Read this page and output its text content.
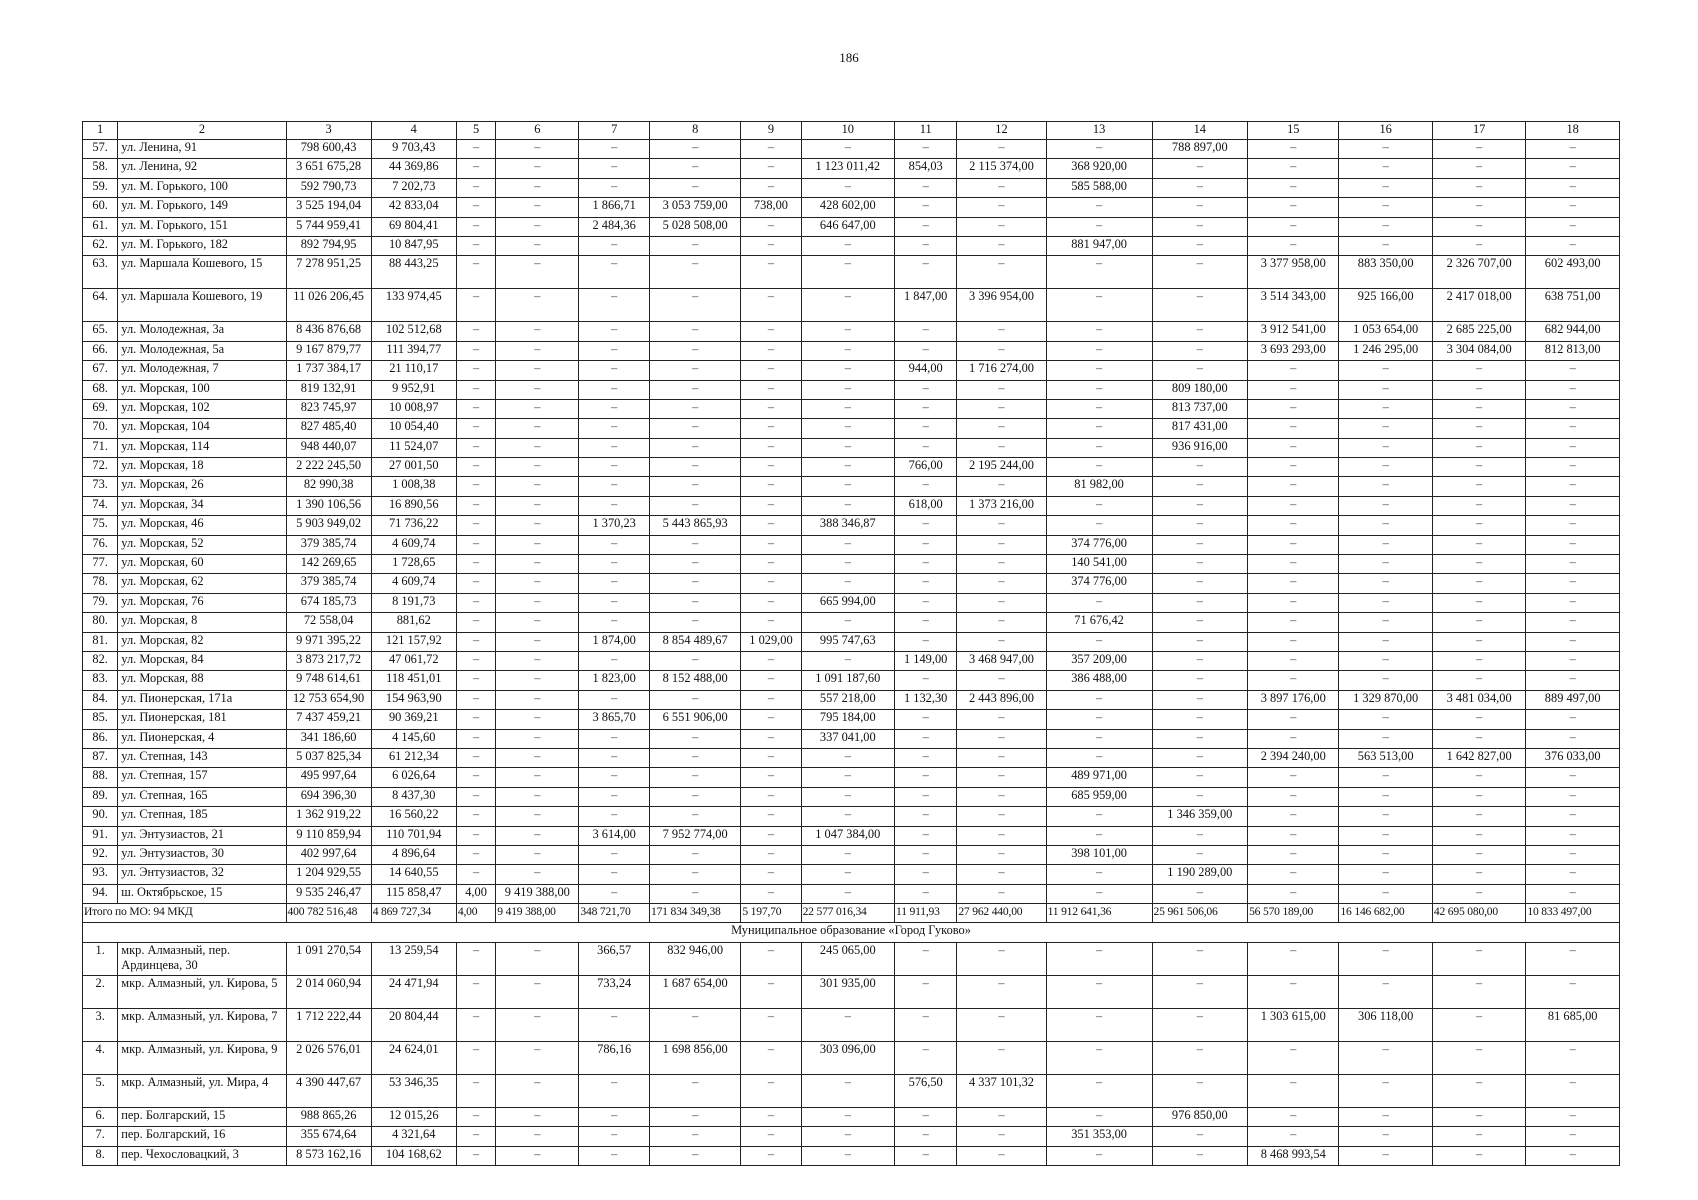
186
1	2	3	4	5	6	7	8	9	10	11	12	13	14	15	16	17	18
57.	ул. Ленина, 91	798 600,43	9 703,43	–	–	–	–	–	–	–	–	–	788 897,00	–	–	–	–
58.	ул. Ленина, 92	3 651 675,28	44 369,86	–	–	–	–	–	1 123 011,42	854,03	2 115 374,00	368 920,00	–	–	–	–	–
59.	ул. М. Горького, 100	592 790,73	7 202,73	–	–	–	–	–	–	–	–	585 588,00	–	–	–	–	–
60.	ул. М. Горького, 149	3 525 194,04	42 833,04	–	–	1 866,71	3 053 759,00	738,00	428 602,00	–	–	–	–	–	–	–	–
61.	ул. М. Горького, 151	5 744 959,41	69 804,41	–	–	2 484,36	5 028 508,00	–	646 647,00	–	–	–	–	–	–	–	–
62.	ул. М. Горького, 182	892 794,95	10 847,95	–	–	–	–	–	–	–	–	881 947,00	–	–	–	–	–
63.	ул. Маршала Кошевого, 15	7 278 951,25	88 443,25	–	–	–	–	–	–	–	–	–	–	3 377 958,00	883 350,00	2 326 707,00	602 493,00
64.	ул. Маршала Кошевого, 19	11 026 206,45	133 974,45	–	–	–	–	–	–	1 847,00	3 396 954,00	–	–	3 514 343,00	925 166,00	2 417 018,00	638 751,00
65.	ул. Молодежная, 3а	8 436 876,68	102 512,68	–	–	–	–	–	–	–	–	–	–	3 912 541,00	1 053 654,00	2 685 225,00	682 944,00
66.	ул. Молодежная, 5а	9 167 879,77	111 394,77	–	–	–	–	–	–	–	–	–	–	3 693 293,00	1 246 295,00	3 304 084,00	812 813,00
67.	ул. Молодежная, 7	1 737 384,17	21 110,17	–	–	–	–	–	–	944,00	1 716 274,00	–	–	–	–	–	–
68.	ул. Морская, 100	819 132,91	9 952,91	–	–	–	–	–	–	–	–	–	809 180,00	–	–	–	–
69.	ул. Морская, 102	823 745,97	10 008,97	–	–	–	–	–	–	–	–	–	813 737,00	–	–	–	–
70.	ул. Морская, 104	827 485,40	10 054,40	–	–	–	–	–	–	–	–	–	817 431,00	–	–	–	–
71.	ул. Морская, 114	948 440,07	11 524,07	–	–	–	–	–	–	–	–	–	936 916,00	–	–	–	–
72.	ул. Морская, 18	2 222 245,50	27 001,50	–	–	–	–	–	–	766,00	2 195 244,00	–	–	–	–	–	–
73.	ул. Морская, 26	82 990,38	1 008,38	–	–	–	–	–	–	–	–	81 982,00	–	–	–	–	–
74.	ул. Морская, 34	1 390 106,56	16 890,56	–	–	–	–	–	–	618,00	1 373 216,00	–	–	–	–	–	–
75.	ул. Морская, 46	5 903 949,02	71 736,22	–	–	1 370,23	5 443 865,93	–	388 346,87	–	–	–	–	–	–	–	–
76.	ул. Морская, 52	379 385,74	4 609,74	–	–	–	–	–	–	–	–	374 776,00	–	–	–	–	–
77.	ул. Морская, 60	142 269,65	1 728,65	–	–	–	–	–	–	–	–	140 541,00	–	–	–	–	–
78.	ул. Морская, 62	379 385,74	4 609,74	–	–	–	–	–	–	–	–	374 776,00	–	–	–	–	–
79.	ул. Морская, 76	674 185,73	8 191,73	–	–	–	–	–	665 994,00	–	–	–	–	–	–	–	–
80.	ул. Морская, 8	72 558,04	881,62	–	–	–	–	–	–	–	–	71 676,42	–	–	–	–	–
81.	ул. Морская, 82	9 971 395,22	121 157,92	–	–	1 874,00	8 854 489,67	1 029,00	995 747,63	–	–	–	–	–	–	–	–
82.	ул. Морская, 84	3 873 217,72	47 061,72	–	–	–	–	–	–	1 149,00	3 468 947,00	357 209,00	–	–	–	–	–
83.	ул. Морская, 88	9 748 614,61	118 451,01	–	–	1 823,00	8 152 488,00	–	1 091 187,60	–	–	386 488,00	–	–	–	–	–
84.	ул. Пионерская, 171а	12 753 654,90	154 963,90	–	–	–	–	–	557 218,00	1 132,30	2 443 896,00	–	–	3 897 176,00	1 329 870,00	3 481 034,00	889 497,00
85.	ул. Пионерская, 181	7 437 459,21	90 369,21	–	–	3 865,70	6 551 906,00	–	795 184,00	–	–	–	–	–	–	–	–
86.	ул. Пионерская, 4	341 186,60	4 145,60	–	–	–	–	–	337 041,00	–	–	–	–	–	–	–	–
87.	ул. Степная, 143	5 037 825,34	61 212,34	–	–	–	–	–	–	–	–	–	–	2 394 240,00	563 513,00	1 642 827,00	376 033,00
88.	ул. Степная, 157	495 997,64	6 026,64	–	–	–	–	–	–	–	–	489 971,00	–	–	–	–	–
89.	ул. Степная, 165	694 396,30	8 437,30	–	–	–	–	–	–	–	–	685 959,00	–	–	–	–	–
90.	ул. Степная, 185	1 362 919,22	16 560,22	–	–	–	–	–	–	–	–	–	1 346 359,00	–	–	–	–
91.	ул. Энтузиастов, 21	9 110 859,94	110 701,94	–	–	3 614,00	7 952 774,00	–	1 047 384,00	–	–	–	–	–	–	–	–
92.	ул. Энтузиастов, 30	402 997,64	4 896,64	–	–	–	–	–	–	–	–	398 101,00	–	–	–	–	–
93.	ул. Энтузиастов, 32	1 204 929,55	14 640,55	–	–	–	–	–	–	–	–	–	1 190 289,00	–	–	–	–
94.	ш. Октябрьское, 15	9 535 246,47	115 858,47	4,00	9 419 388,00	–	–	–	–	–	–	–	–	–	–	–	–
Итого по МО: 94 МКД		400 782 516,48	4 869 727,34	4,00	9 419 388,00	348 721,70	171 834 349,38	5 197,70	22 577 016,34	11 911,93	27 962 440,00	11 912 641,36	25 961 506,06	56 570 189,00	16 146 682,00	42 695 080,00	10 833 497,00
Муниципальное образование «Город Гуково»																	
1.	мкр. Алмазный, пер. Ардинцева, 30	1 091 270,54	13 259,54	–	–	366,57	832 946,00	–	245 065,00	–	–	–	–	–	–	–	–
2.	мкр. Алмазный, ул. Кирова, 5	2 014 060,94	24 471,94	–	–	733,24	1 687 654,00	–	301 935,00	–	–	–	–	–	–	–	–
3.	мкр. Алмазный, ул. Кирова, 7	1 712 222,44	20 804,44	–	–	–	–	–	–	–	–	–	–	1 303 615,00	306 118,00	–	81 685,00
4.	мкр. Алмазный, ул. Кирова, 9	2 026 576,01	24 624,01	–	–	786,16	1 698 856,00	–	303 096,00	–	–	–	–	–	–	–	–
5.	мкр. Алмазный, ул. Мира, 4	4 390 447,67	53 346,35	–	–	–	–	–	–	576,50	4 337 101,32	–	–	–	–	–	–
6.	пер. Болгарский, 15	988 865,26	12 015,26	–	–	–	–	–	–	–	–	–	976 850,00	–	–	–	–
7.	пер. Болгарский, 16	355 674,64	4 321,64	–	–	–	–	–	–	–	–	351 353,00	–	–	–	–	–
8.	пер. Чехословацкий, 3	8 573 162,16	104 168,62	–	–	–	–	–	–	–	–	–	–	8 468 993,54	–	–	–
